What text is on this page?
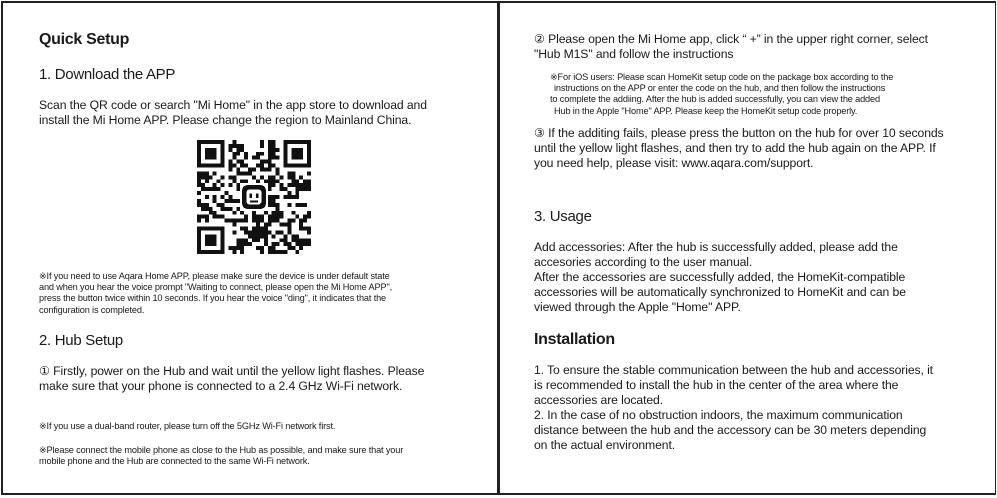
Quick Setup
1. Download the APP
Scan the QR code or search "Mi Home" in the app store to download and
install the Mi Home APP. Please change the region to Mainland China.
※If you need to use Aqara Home APP, please make sure the device is under default state
and when you hear the voice prompt "Waiting to connect, please open the Mi Home APP",
press the button twice within 10 seconds. If you hear the voice "ding", it indicates that the
configuration is completed.
2. Hub Setup
① Firstly, power on the Hub and wait until the yellow light flashes. Please
make sure that your phone is connected to a 2.4 GHz Wi-Fi network.
※If you use a dual-band router, please turn off the 5GHz Wi-Fi network first.
※Please connect the mobile phone as close to the Hub as possible, and make sure that your
mobile phone and the Hub are connected to the same Wi-Fi network.
② Please open the Mi Home app, click “ +” in the upper right corner, select
"Hub M1S" and follow the instructions
※For iOS users: Please scan HomeKit setup code on the package box according to the
instructions on the APP or enter the code on the hub, and then follow the instructions
to complete the addiing. After the hub is added successfully, you can view the added
Hub in the Apple "Home" APP. Please keep the HomeKit setup code properly.
③ If the additing fails, please press the button on the hub for over 10 seconds
until the yellow light flashes, and then try to add the hub again on the APP. If
you need help, please visit: www.aqara.com/support.
3. Usage
Add accessories: After the hub is successfully added, please add the
accesories according to the user manual.
After the accessories are successfully added, the HomeKit-compatible
accessories will be automatically synchronized to HomeKit and can be
viewed through the Apple "Home" APP.
Installation
1. To ensure the stable communication between the hub and accessories, it
is recommended to install the hub in the center of the area where the
accessories are located.
2. In the case of no obstruction indoors, the maximum communication
distance between the hub and the accessory can be 30 meters depending
on the actual environment.
